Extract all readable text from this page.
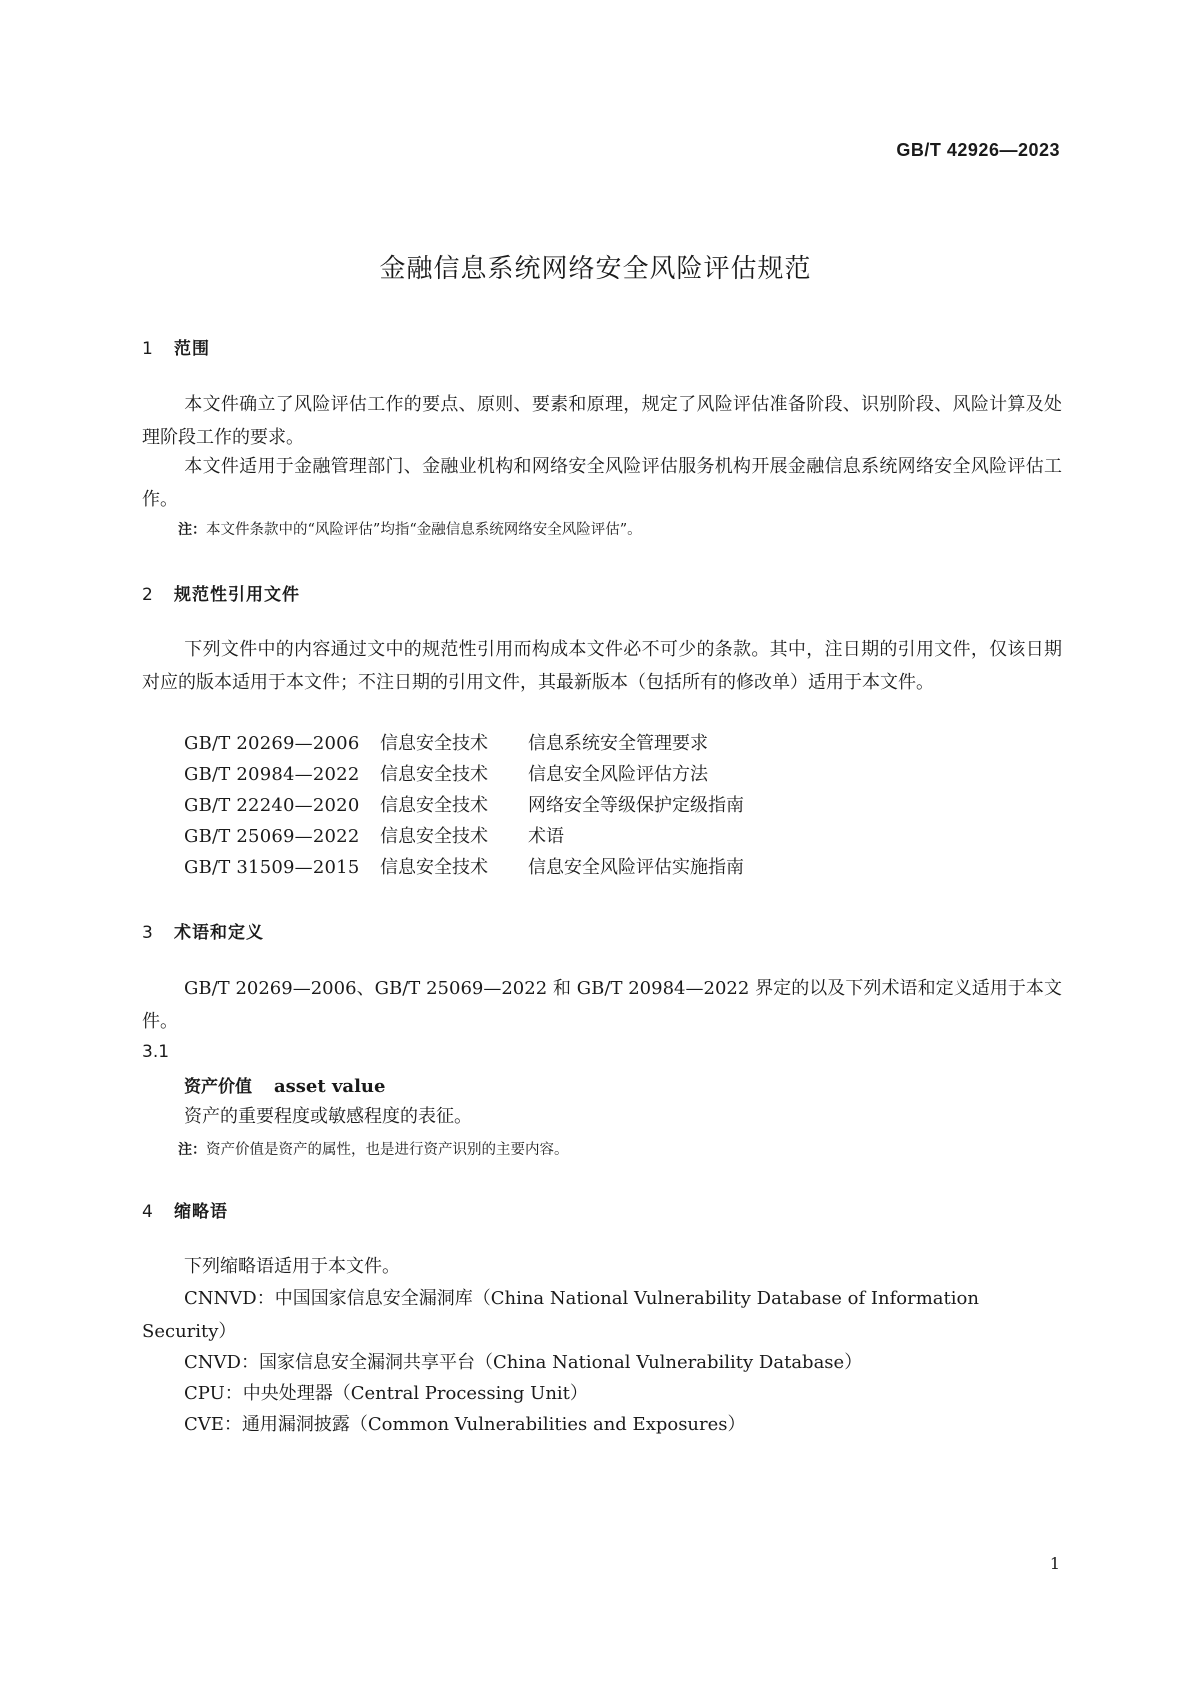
GB/T 42926—2023
金融信息系统网络安全风险评估规范
1 范围
本文件确立了风险评估工作的要点、原则、要素和原理，规定了风险评估准备阶段、识别阶段、风险计算及处理阶段工作的要求。
本文件适用于金融管理部门、金融业机构和网络安全风险评估服务机构开展金融信息系统网络安全风险评估工作。
注：本文件条款中的“风险评估”均指“金融信息系统网络安全风险评估”。
2 规范性引用文件
下列文件中的内容通过文中的规范性引用而构成本文件必不可少的条款。其中，注日期的引用文件，仅该日期对应的版本适用于本文件；不注日期的引用文件，其最新版本（包括所有的修改单）适用于本文件。
GB/T 20269—2006 信息安全技术 信息系统安全管理要求
GB/T 20984—2022 信息安全技术 信息安全风险评估方法
GB/T 22240—2020 信息安全技术 网络安全等级保护定级指南
GB/T 25069—2022 信息安全技术 术语
GB/T 31509—2015 信息安全技术 信息安全风险评估实施指南
3 术语和定义
GB/T 20269—2006、GB/T 25069—2022 和 GB/T 20984—2022 界定的以及下列术语和定义适用于本文件。
3.1
资产价值 asset value
资产的重要程度或敏感程度的表征。
注：资产价值是资产的属性，也是进行资产识别的主要内容。
4 缩略语
下列缩略语适用于本文件。
CNNVD：中国国家信息安全漏洞库（China National Vulnerability Database of Information Security）
CNVD：国家信息安全漏洞共享平台（China National Vulnerability Database）
CPU：中央处理器（Central Processing Unit）
CVE：通用漏洞披露（Common Vulnerabilities and Exposures）
1
